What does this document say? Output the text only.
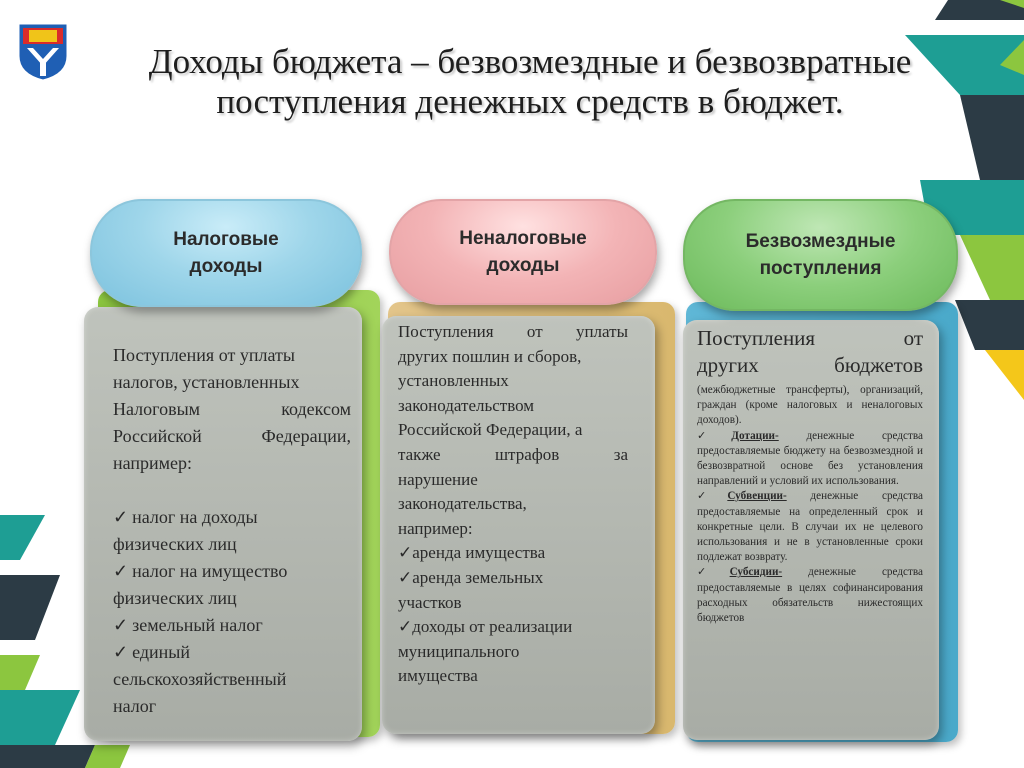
Доходы бюджета – безвозмездные и безвозвратные
поступления денежных средств в бюджет.
Налоговые
доходы
Неналоговые
доходы
Безвозмездные
поступления
Поступления от уплаты
налогов, установленных
Налоговым кодексом
Российской Федерации,
например:
✓ налог на доходы
физических лиц
✓ налог на имущество
физических лиц
✓ земельный налог
✓ единый
сельскохозяйственный
налог
Поступления от уплаты
других пошлин и сборов,
установленных
законодательством
Российской Федерации, а
также штрафов за
нарушение
законодательства,
например:
✓аренда имущества
✓аренда земельных
участков
✓доходы от реализации
муниципального
имущества
Поступления от
других бюджетов
(межбюджетные трансферты), организаций, граждан (кроме налоговых и неналоговых доходов).
✓Дотации- денежные средства предоставляемые бюджету на безвозмездной и безвозвратной основе без установления направлений и условий их использования.
✓Субвенции- денежные средства предоставляемые на определенный срок и конкретные цели. В случаи их не целевого использования и не в установленные сроки подлежат возврату.
✓Субсидии- денежные средства предоставляемые в целях софинансирования расходных обязательств нижестоящих бюджетов
